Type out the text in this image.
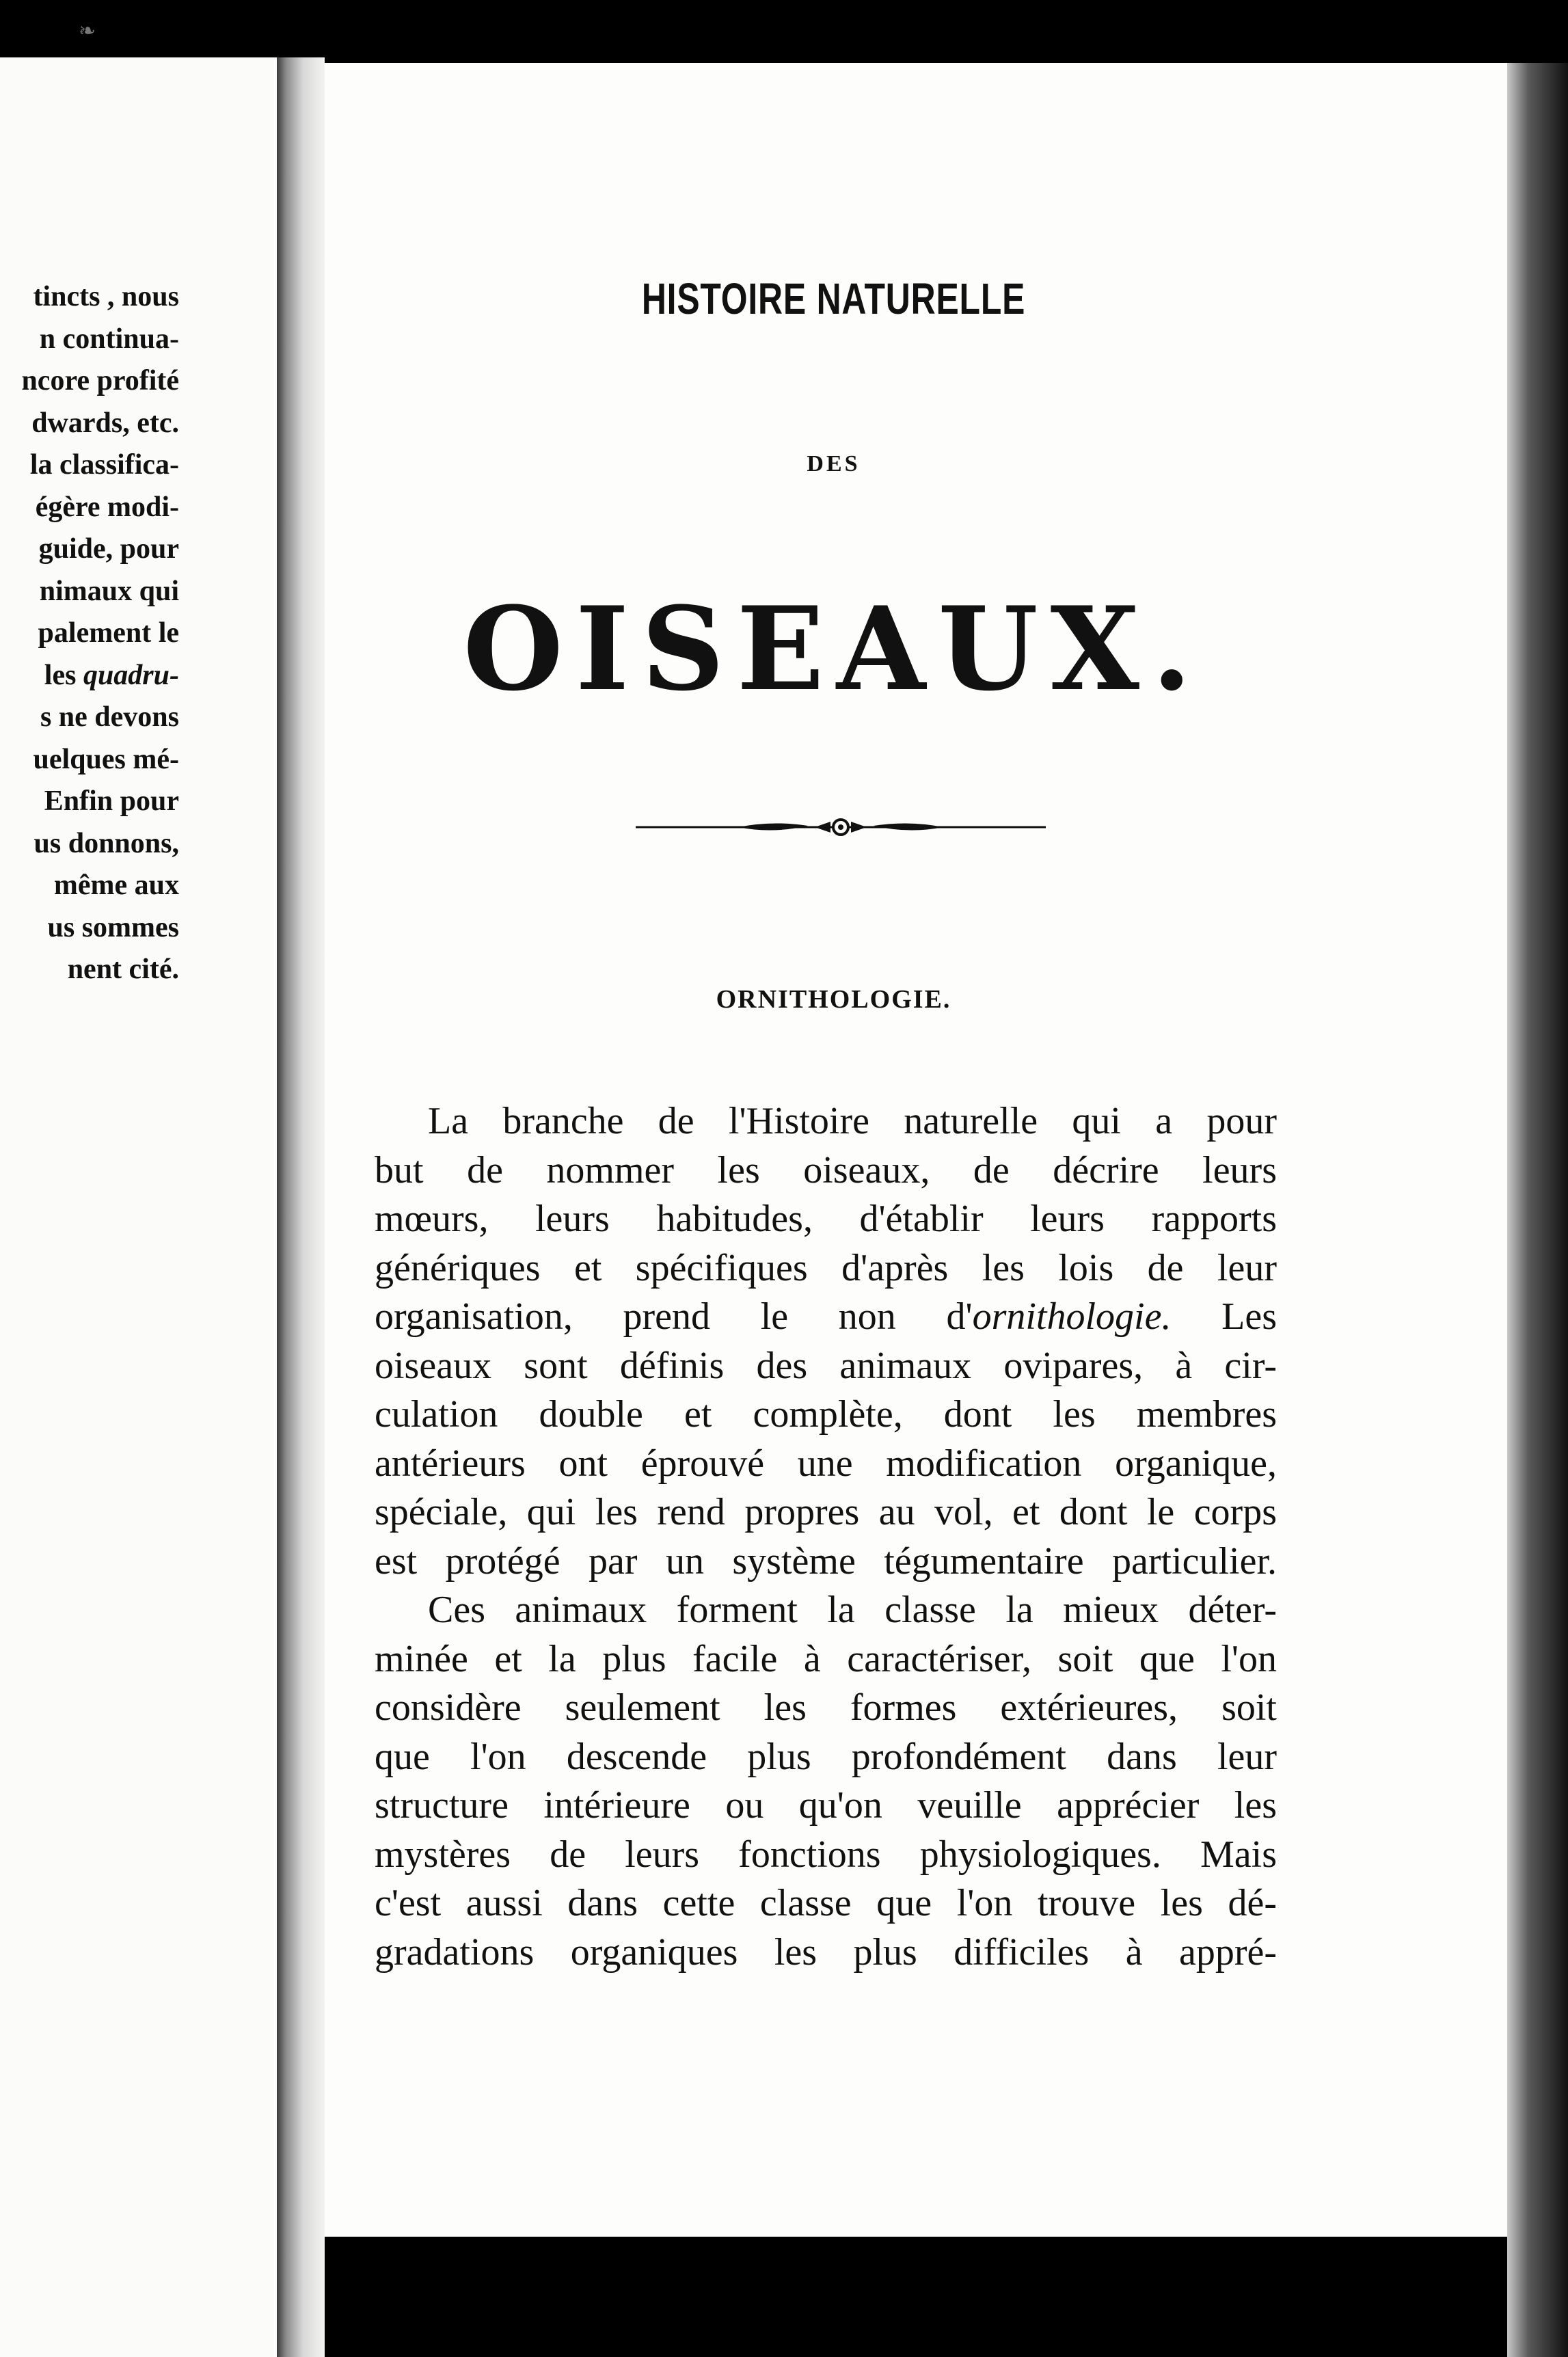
❧
tincts , nous
n continua-
ncore profité
dwards, etc.
la classifica-
égère modi-
guide, pour
nimaux qui
palement le
les quadru-
s ne devons
uelques mé-
Enfin pour
us donnons,
même aux
us sommes
nent cité.
HISTOIRE NATURELLE
DES
OISEAUX.
ORNITHOLOGIE.
La branche de l'Histoire naturelle qui a pour
but de nommer les oiseaux, de décrire leurs
mœurs, leurs habitudes, d'établir leurs rapports
génériques et spécifiques d'après les lois de leur
organisation, prend le non d'ornithologie. Les
oiseaux sont définis des animaux ovipares, à cir-
culation double et complète, dont les membres
antérieurs ont éprouvé une modification organique,
spéciale, qui les rend propres au vol, et dont le corps
est protégé par un système tégumentaire particulier.
Ces animaux forment la classe la mieux déter-
minée et la plus facile à caractériser, soit que l'on
considère seulement les formes extérieures, soit
que l'on descende plus profondément dans leur
structure intérieure ou qu'on veuille apprécier les
mystères de leurs fonctions physiologiques. Mais
c'est aussi dans cette classe que l'on trouve les dé-
gradations organiques les plus difficiles à appré-
